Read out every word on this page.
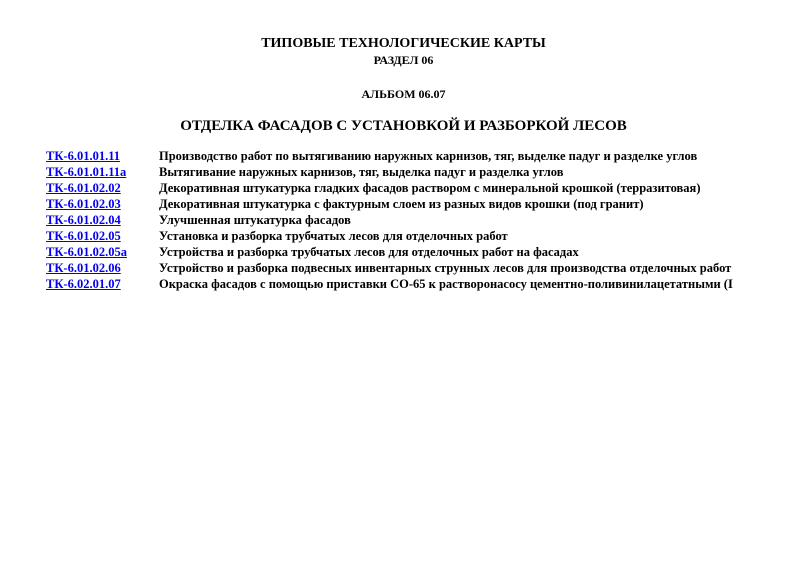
ТИПОВЫЕ ТЕХНОЛОГИЧЕСКИЕ КАРТЫ
РАЗДЕЛ 06
АЛЬБОМ 06.07
ОТДЕЛКА ФАСАДОВ С УСТАНОВКОЙ И РАЗБОРКОЙ ЛЕСОВ
ТК-6.01.01.11	Производство работ по вытягиванию наружных карнизов, тяг, выделке падуг и разделке углов
ТК-6.01.01.11а	Вытягивание наружных карнизов, тяг, выделка падуг и разделка углов
ТК-6.01.02.02	Декоративная штукатурка гладких фасадов раствором с минеральной крошкой (терразитовая)
ТК-6.01.02.03	Декоративная штукатурка с фактурным слоем из разных видов крошки (под гранит)
ТК-6.01.02.04	Улучшенная штукатурка фасадов
ТК-6.01.02.05	Установка и разборка трубчатых лесов для отделочных работ
ТК-6.01.02.05а	Устройства и разборка трубчатых лесов для отделочных работ на фасадах
ТК-6.01.02.06	Устройство и разборка подвесных инвентарных струнных лесов для производства отделочных работ
ТК-6.02.01.07	Окраска фасадов с помощью приставки СО-65 к растворонасосу цементно-поливинилацетатными (I
